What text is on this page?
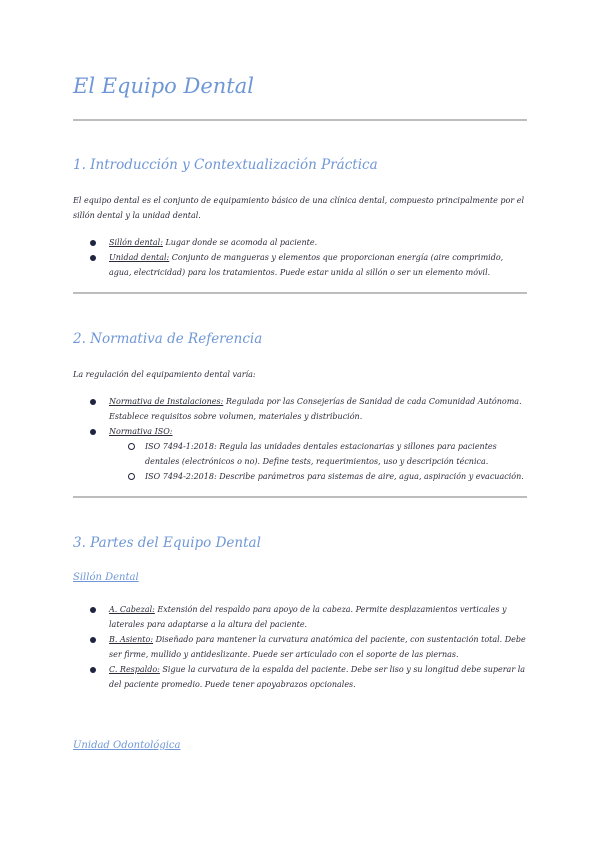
El Equipo Dental
1. Introducción y Contextualización Práctica

El equipo dental es el conjunto de equipamiento básico de una clínica dental, compuesto principalmente por el sillón dental y la unidad dental.

Sillón dental: Lugar donde se acomoda al paciente.
Unidad dental: Conjunto de mangueras y elementos que proporcionan energía (aire comprimido, agua, electricidad) para los tratamientos. Puede estar unida al sillón o ser un elemento móvil.
2. Normativa de Referencia

La regulación del equipamiento dental varía:

Normativa de Instalaciones: Regulada por las Consejerías de Sanidad de cada Comunidad Autónoma. Establece requisitos sobre volumen, materiales y distribución.
Normativa ISO:
ISO 7494-1:2018: Regula las unidades dentales estacionarias y sillones para pacientes dentales (electrónicos o no). Define tests, requerimientos, uso y descripción técnica.
ISO 7494-2:2018: Describe parámetros para sistemas de aire, agua, aspiración y evacuación.
3. Partes del Equipo Dental
Sillón Dental
A. Cabezal: Extensión del respaldo para apoyo de la cabeza. Permite desplazamientos verticales y laterales para adaptarse a la altura del paciente.
B. Asiento: Diseñado para mantener la curvatura anatómica del paciente, con sustentación total. Debe ser firme, mullido y antideslizante. Puede ser articulado con el soporte de las piernas.
C. Respaldo: Sigue la curvatura de la espalda del paciente. Debe ser liso y su longitud debe superar la del paciente promedio. Puede tener apoyabrazos opcionales.
Unidad Odontológica
